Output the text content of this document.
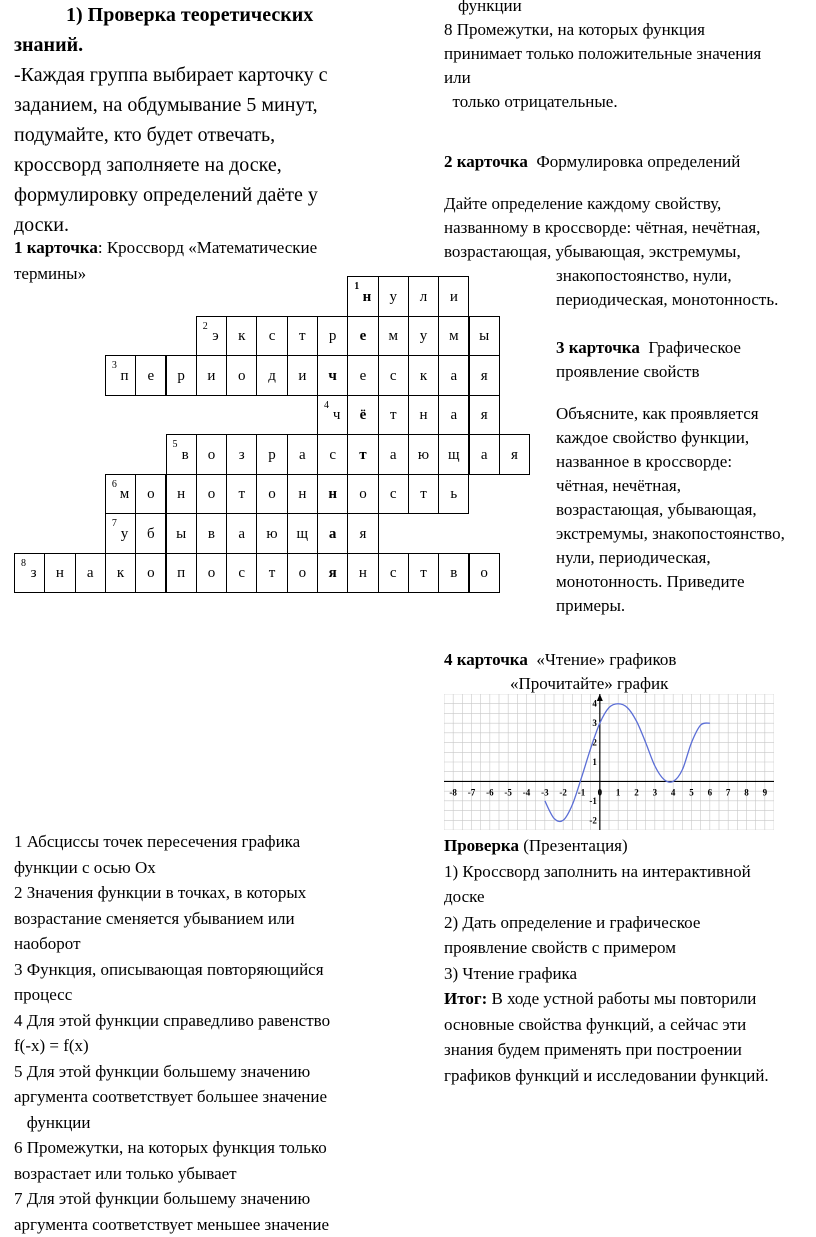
1) Проверка теоретических
знаний.
-Каждая группа выбирает карточку с
заданием, на обдумывание 5 минут,
подумайте, кто будет отвечать,
кроссворд заполняете на доске,
формулировку определений даёте у
доски.
1 карточка: Кроссворд «Математические
термины»
1
н у л и
2
э к с т р е м у м ы
3
п е р и о д и ч е с к а я
4
ч ё т н а я
5
в о з р а с т а ю щ а я
6
м о н о т о н н о с т ь
7
у б ы в а ю щ а я
8
з н а к о п о с т о я н с т в о
1 Абсциссы точек пересечения графика
функции с осью Ох
2 Значения функции в точках, в которых
возрастание сменяется убыванием или
наоборот
3 Функция, описывающая повторяющийся
процесс
4 Для этой функции справедливо равенство
f(-x) = f(x)
5 Для этой функции большему значению
аргумента соответствует большее значение
функции
6 Промежутки, на которых функция только
возрастает или только убывает
7 Для этой функции большему значению
аргумента соответствует меньшее значение
функции
8 Промежутки, на которых функция
принимает только положительные значения
или
только отрицательные.
2 карточка  Формулировка определений
Дайте определение каждому свойству,
названному в кроссворде: чётная, нечётная,
возрастающая, убывающая, экстремумы,
знакопостоянство, нули,
периодическая, монотонность.
3 карточка  Графическое
проявление свойств
Объясните, как проявляется
каждое свойство функции,
названное в кроссворде:
чётная, нечётная,
возрастающая, убывающая,
экстремумы, знакопостоянство,
нули, периодическая,
монотонность. Приведите
примеры.
4 карточка  «Чтение» графиков
«Прочитайте» график
-8 -7 -6 -5 -4 -3 -2 -1 0 1 2 3 4 5 6 7 8 9
-2
-1
1
2
3
4
Проверка (Презентация)
1) Кроссворд заполнить на интерактивной
доске
2) Дать определение и графическое
проявление свойств с примером
3) Чтение графика
Итог: В ходе устной работы мы повторили
основные свойства функций, а сейчас эти
знания будем применять при построении
графиков функций и исследовании функций.
